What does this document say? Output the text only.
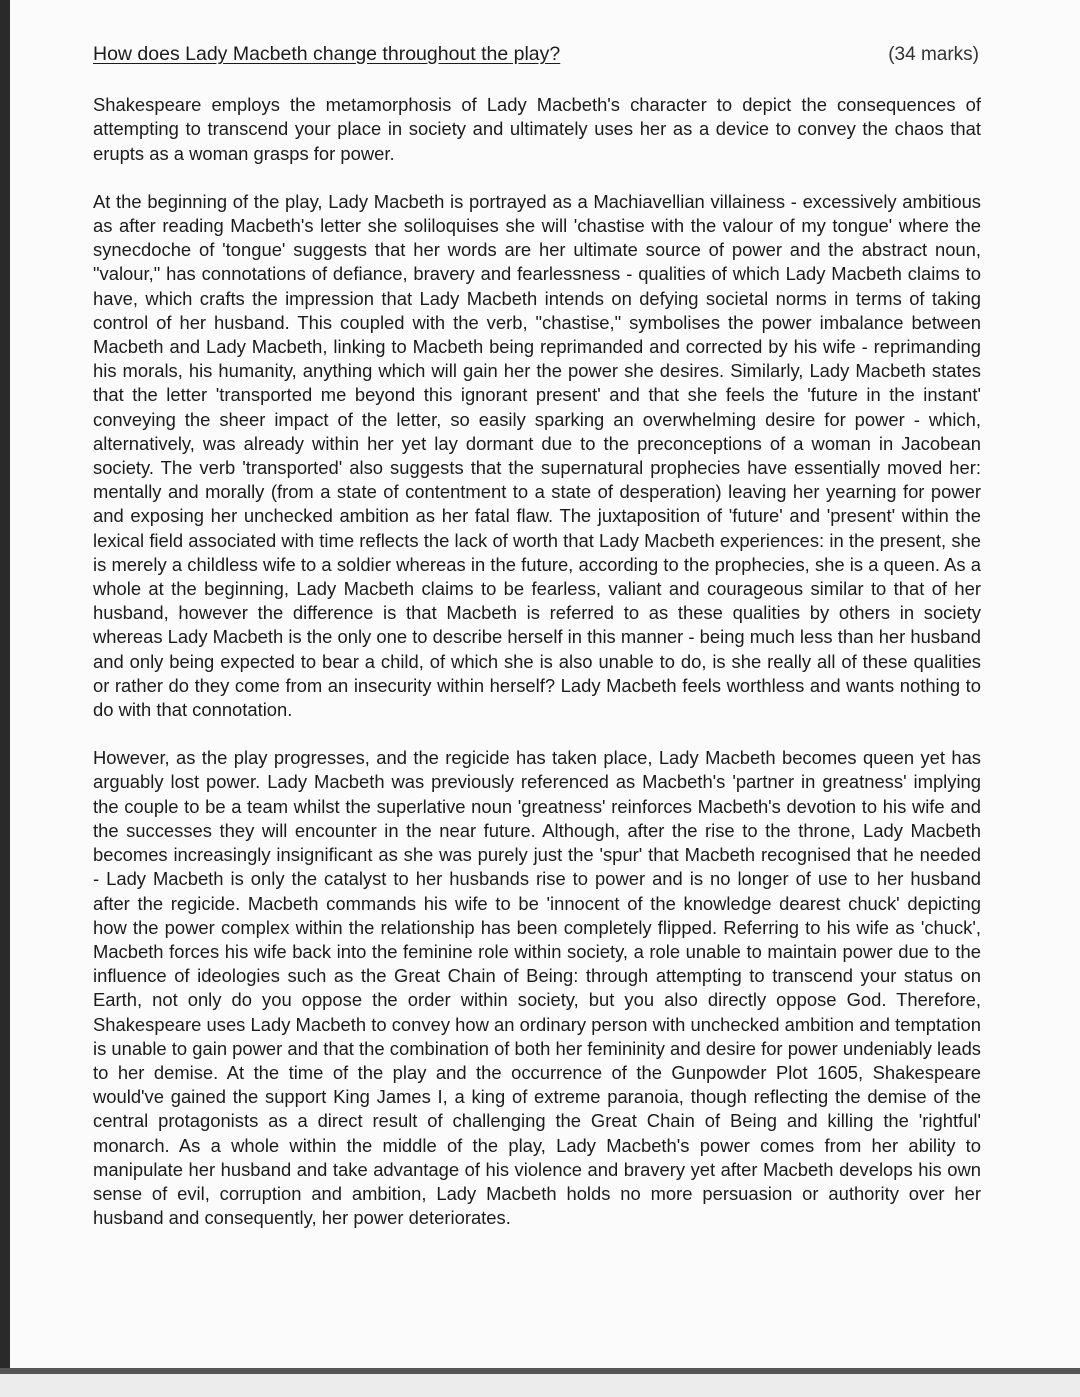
How does Lady Macbeth change throughout the play?	(34 marks)

Shakespeare employs the metamorphosis of Lady Macbeth's character to depict the consequences of attempting to transcend your place in society and ultimately uses her as a device to convey the chaos that erupts as a woman grasps for power.

At the beginning of the play, Lady Macbeth is portrayed as a Machiavellian villainess - excessively ambitious as after reading Macbeth's letter she soliloquises she will 'chastise with the valour of my tongue' where the synecdoche of 'tongue' suggests that her words are her ultimate source of power and the abstract noun, "valour," has connotations of defiance, bravery and fearlessness - qualities of which Lady Macbeth claims to have, which crafts the impression that Lady Macbeth intends on defying societal norms in terms of taking control of her husband. This coupled with the verb, "chastise," symbolises the power imbalance between Macbeth and Lady Macbeth, linking to Macbeth being reprimanded and corrected by his wife - reprimanding his morals, his humanity, anything which will gain her the power she desires. Similarly, Lady Macbeth states that the letter 'transported me beyond this ignorant present' and that she feels the 'future in the instant' conveying the sheer impact of the letter, so easily sparking an overwhelming desire for power - which, alternatively, was already within her yet lay dormant due to the preconceptions of a woman in Jacobean society. The verb 'transported' also suggests that the supernatural prophecies have essentially moved her: mentally and morally (from a state of contentment to a state of desperation) leaving her yearning for power and exposing her unchecked ambition as her fatal flaw. The juxtaposition of 'future' and 'present' within the lexical field associated with time reflects the lack of worth that Lady Macbeth experiences: in the present, she is merely a childless wife to a soldier whereas in the future, according to the prophecies, she is a queen. As a whole at the beginning, Lady Macbeth claims to be fearless, valiant and courageous similar to that of her husband, however the difference is that Macbeth is referred to as these qualities by others in society whereas Lady Macbeth is the only one to describe herself in this manner - being much less than her husband and only being expected to bear a child, of which she is also unable to do, is she really all of these qualities or rather do they come from an insecurity within herself? Lady Macbeth feels worthless and wants nothing to do with that connotation.

However, as the play progresses, and the regicide has taken place, Lady Macbeth becomes queen yet has arguably lost power. Lady Macbeth was previously referenced as Macbeth's 'partner in greatness' implying the couple to be a team whilst the superlative noun 'greatness' reinforces Macbeth's devotion to his wife and the successes they will encounter in the near future. Although, after the rise to the throne, Lady Macbeth becomes increasingly insignificant as she was purely just the 'spur' that Macbeth recognised that he needed - Lady Macbeth is only the catalyst to her husbands rise to power and is no longer of use to her husband after the regicide. Macbeth commands his wife to be 'innocent of the knowledge dearest chuck' depicting how the power complex within the relationship has been completely flipped. Referring to his wife as 'chuck', Macbeth forces his wife back into the feminine role within society, a role unable to maintain power due to the influence of ideologies such as the Great Chain of Being: through attempting to transcend your status on Earth, not only do you oppose the order within society, but you also directly oppose God. Therefore, Shakespeare uses Lady Macbeth to convey how an ordinary person with unchecked ambition and temptation is unable to gain power and that the combination of both her femininity and desire for power undeniably leads to her demise. At the time of the play and the occurrence of the Gunpowder Plot 1605, Shakespeare would've gained the support King James I, a king of extreme paranoia, though reflecting the demise of the central protagonists as a direct result of challenging the Great Chain of Being and killing the 'rightful' monarch. As a whole within the middle of the play, Lady Macbeth's power comes from her ability to manipulate her husband and take advantage of his violence and bravery yet after Macbeth develops his own sense of evil, corruption and ambition, Lady Macbeth holds no more persuasion or authority over her husband and consequently, her power deteriorates.
